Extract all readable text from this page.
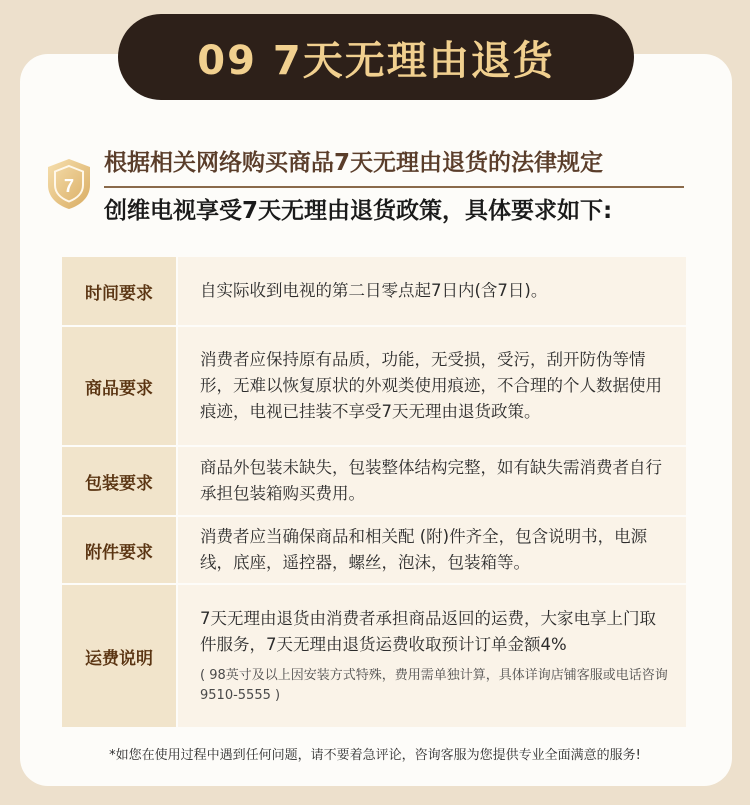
09 7天无理由退货
7
根据相关网络购买商品7天无理由退货的法律规定
创维电视享受7天无理由退货政策，具体要求如下:
时间要求	自实际收到电视的第二日零点起7日内(含7日)。
商品要求
消费者应保持原有品质，功能，无受损，受污，刮开防伪等情形，无难以恢复原状的外观类使用痕迹，不合理的个人数据使用痕迹，电视已挂装不享受7天无理由退货政策。
包装要求
商品外包装未缺失，包装整体结构完整，如有缺失需消费者自行承担包装箱购买费用。
附件要求
消费者应当确保商品和相关配 (附)件齐全，包含说明书，电源线，底座，遥控器，螺丝，泡沫，包装箱等。
运费说明
7天无理由退货由消费者承担商品返回的运费，大家电享上门取件服务，7天无理由退货运费收取预计订单金额4%
( 98英寸及以上因安装方式特殊，费用需单独计算，具体详询店铺客服或电话咨询9510-5555 )
*如您在使用过程中遇到任何问题，请不要着急评论，咨询客服为您提供专业全面满意的服务!
